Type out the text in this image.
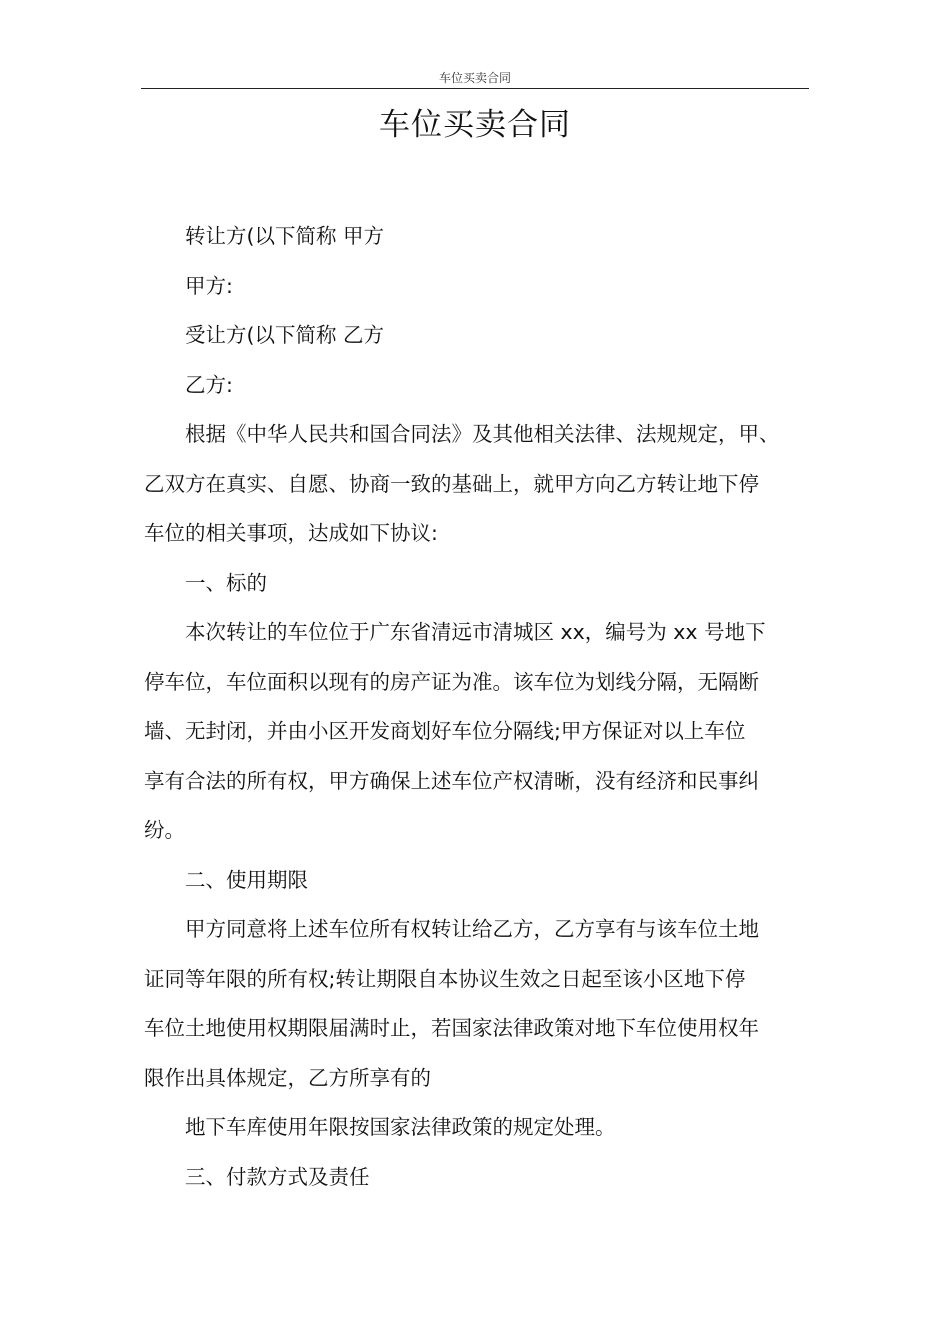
车位买卖合同
车位买卖合同

转让方(以下简称 甲方

甲方:

受让方(以下简称 乙方

乙方:

根据《中华人民共和国合同法》及其他相关法律、法规规定，甲、
乙双方在真实、自愿、协商一致的基础上，就甲方向乙方转让地下停
车位的相关事项，达成如下协议:

一、标的

本次转让的车位位于广东省清远市清城区 xx，编号为 xx 号地下
停车位，车位面积以现有的房产证为准。该车位为划线分隔，无隔断
墙、无封闭，并由小区开发商划好车位分隔线;甲方保证对以上车位
享有合法的所有权，甲方确保上述车位产权清晰，没有经济和民事纠
纷。

二、使用期限

甲方同意将上述车位所有权转让给乙方，乙方享有与该车位土地
证同等年限的所有权;转让期限自本协议生效之日起至该小区地下停
车位土地使用权期限届满时止，若国家法律政策对地下车位使用权年
限作出具体规定，乙方所享有的

地下车库使用年限按国家法律政策的规定处理。

三、付款方式及责任
